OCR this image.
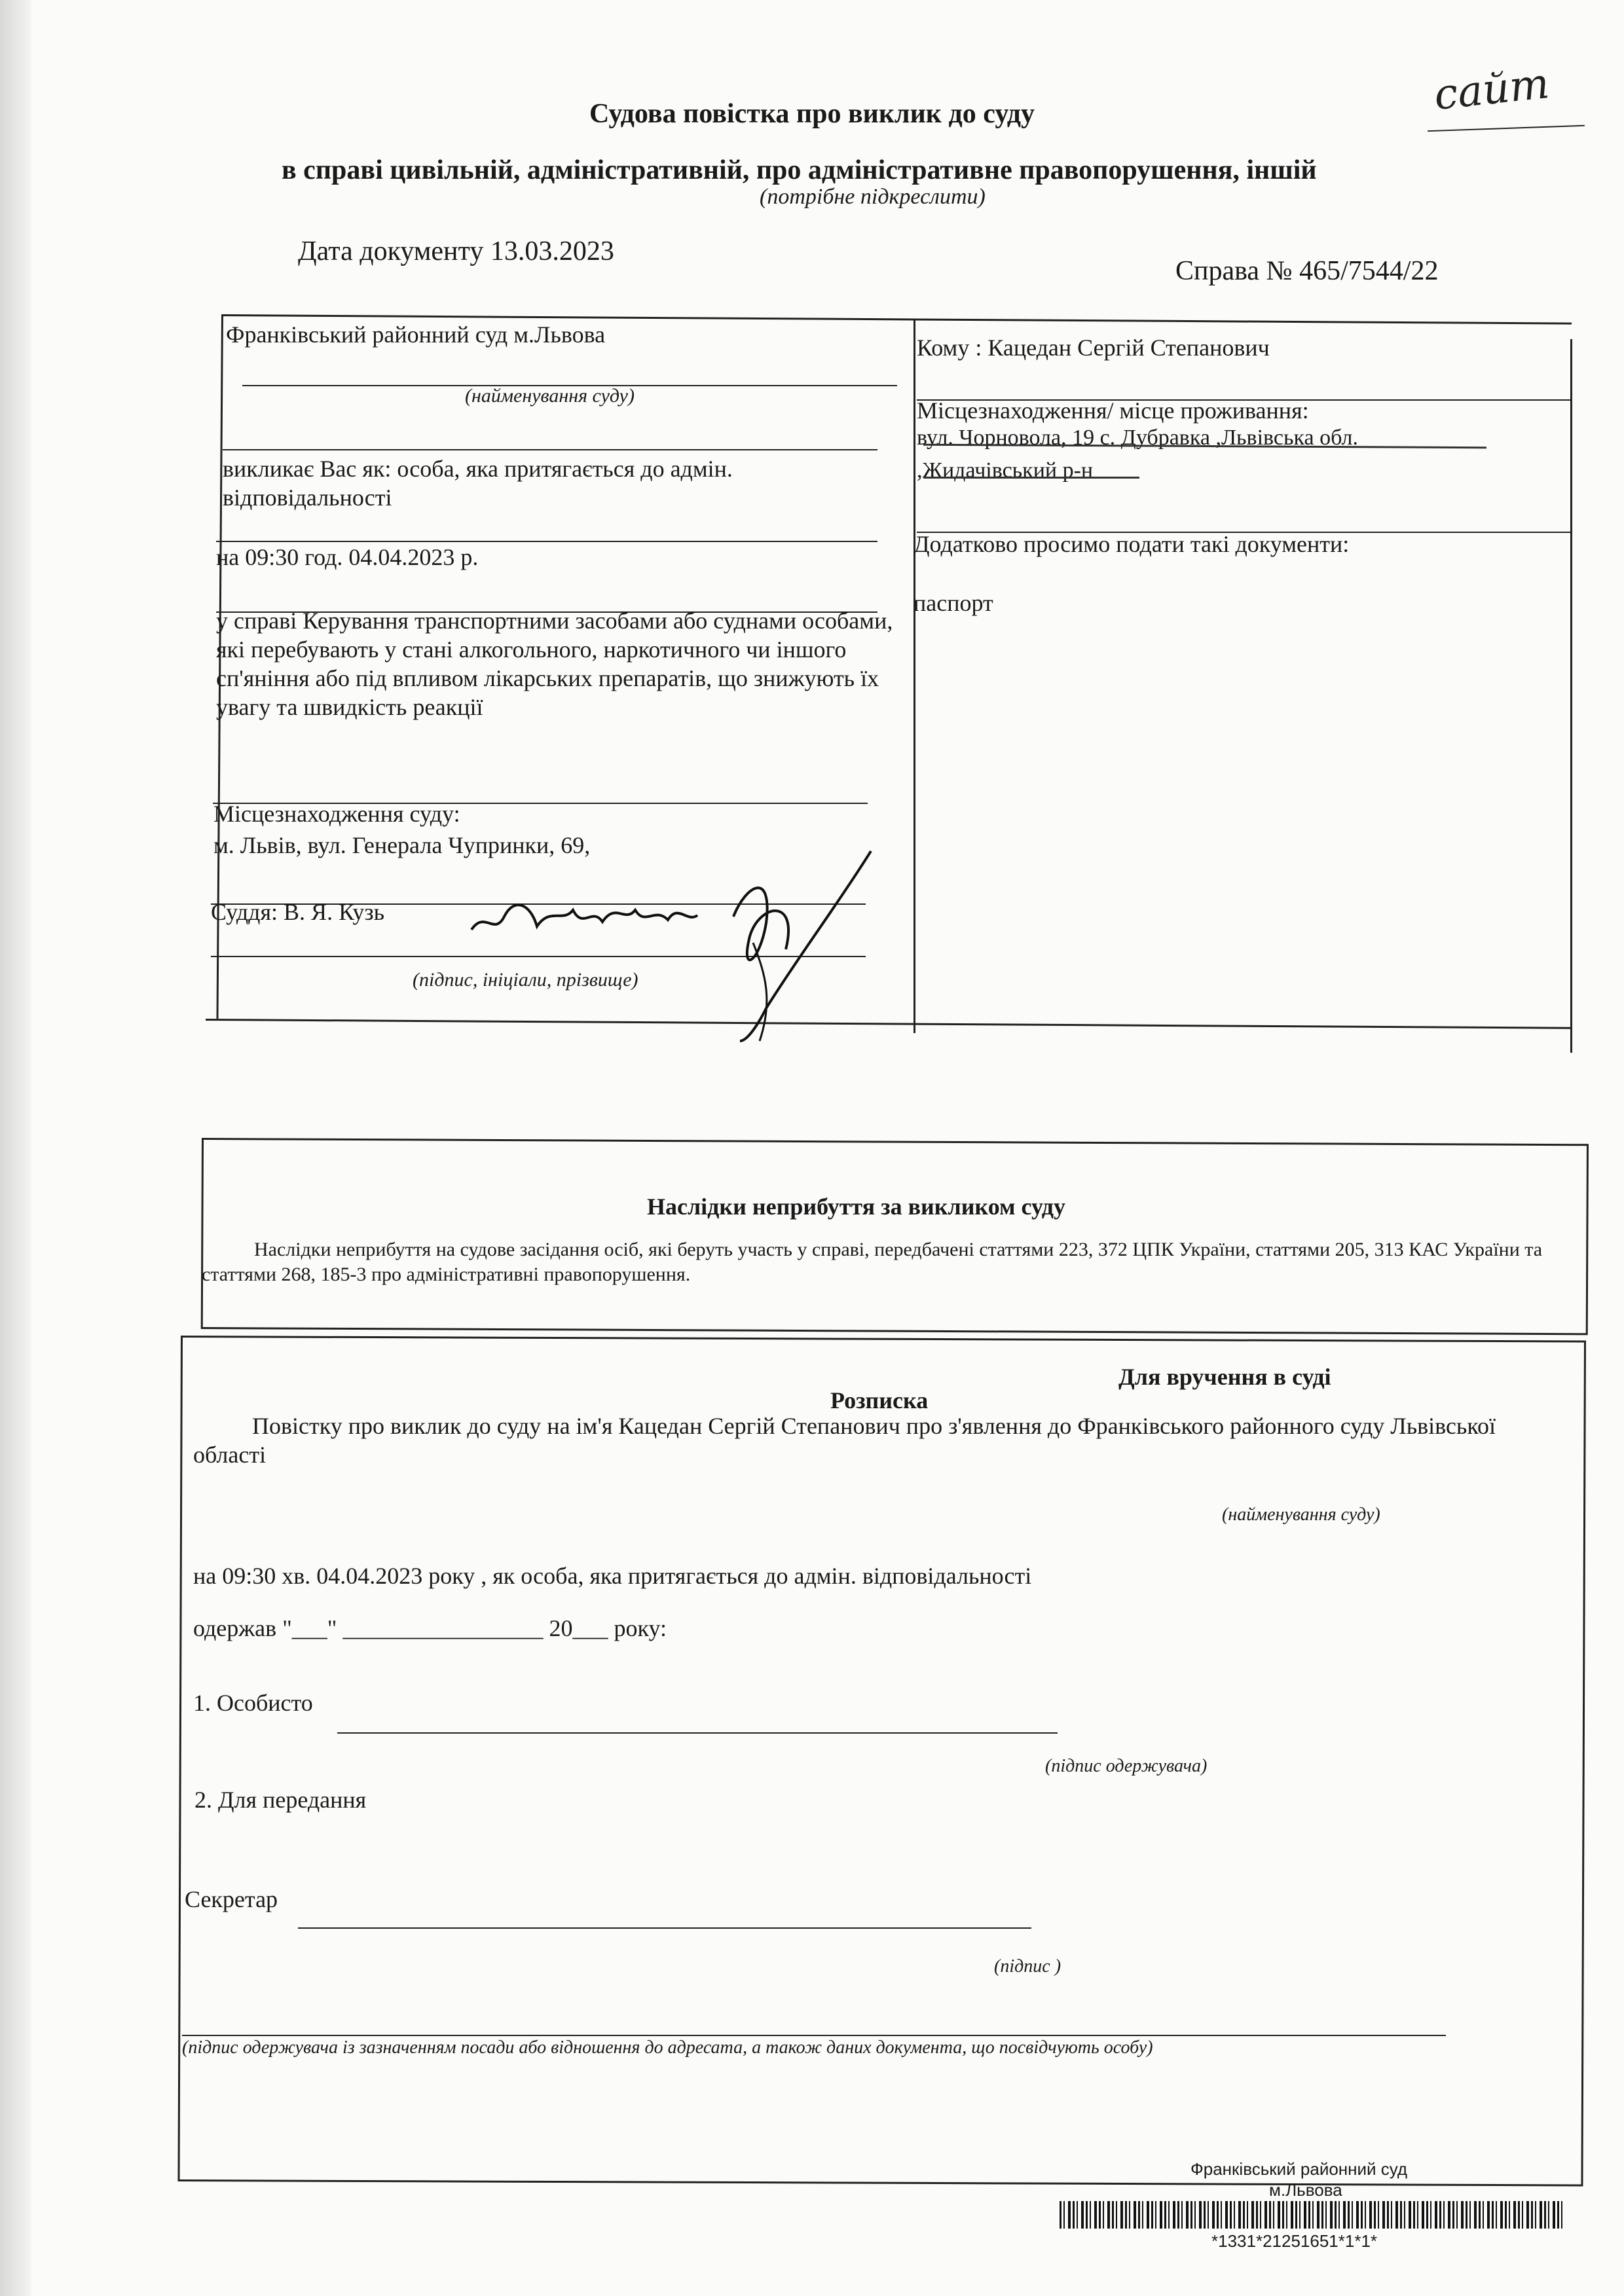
сайт
Судова повістка про виклик до суду
в справі цивільній, адміністративній, про адміністративне правопорушення, іншій
(потрібне підкреслити)
Дата документу 13.03.2023
Справа № 465/7544/22
Франківський районний суд м.Львова
(найменування суду)
викликає Вас як: особа, яка притягається до адмін. відповідальності
на 09:30 год. 04.04.2023 р.
у справі Керування транспортними засобами або суднами особами, які перебувають у стані алкогольного, наркотичного чи іншого сп'яніння або під впливом лікарських препаратів, що знижують їх увагу та швидкість реакції
Місцезнаходження суду:
м. Львів, вул. Генерала Чупринки, 69,
Суддя: В. Я. Кузь
(підпис, ініціали, прізвище)
Кому : Кацедан Сергій Степанович
Місцезнаходження/ місце проживання:
вул. Чорновола, 19 с. Дубравка ,Львівська обл.
,Жидачівський р-н
Додатково просимо подати такі документи:
паспорт
Наслідки неприбуття за викликом суду
Наслідки неприбуття на судове засідання осіб, які беруть участь у справі, передбачені статтями 223, 372 ЦПК України, статтями 205, 313 КАС України та статтями 268, 185-3 про адміністративні правопорушення.
Для вручення в суді
Розписка
Повістку про виклик до суду на ім'я Кацедан Сергій Степанович про з'явлення до Франківського районного суду Львівської області
(найменування суду)
на 09:30 хв. 04.04.2023 року , як особа, яка притягається до адмін. відповідальності
одержав "___" _________________ 20___ року:
1. Особисто
(підпис одержувача)
2. Для передання
Секретар
(підпис )
(підпис одержувача із зазначенням посади або відношення до адресата, а також даних документа, що посвідчують особу)
Франківський районний суд
м.Львова
*1331*21251651*1*1*
